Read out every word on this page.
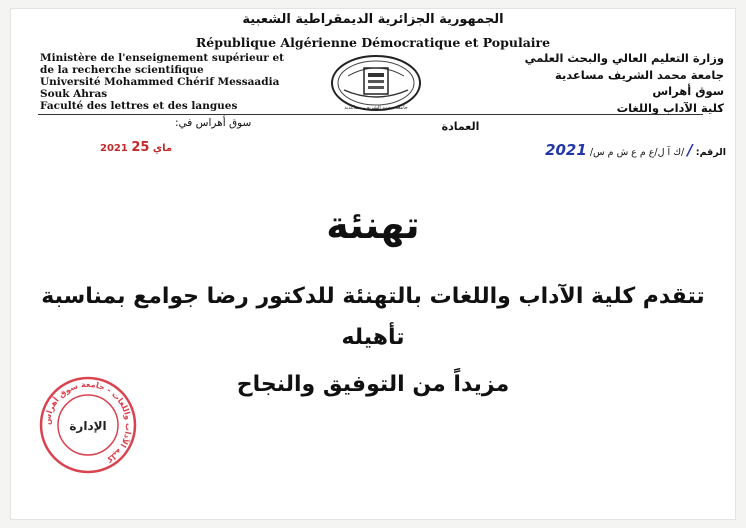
الجمهورية الجزائرية الديمقراطية الشعبية
République Algérienne Démocratique et Populaire
Ministère de l'enseignement supérieur et
de la recherche scientifique
Université Mohammed Chérif Messaadia
Souk Ahras
Faculté des lettres et des langues
وزارة التعليم العالي والبحث العلمي
جامعة محمد الشريف مساعدية
سوق أهراس
كلية الآداب واللغات
جامعة محمد الشريف مساعدية
العمادة
سوق أهراس في:
2021	ماي 25	2021 /ك آ ل/ع م ع ش م س/ / الرقم:
تهنئة
تتقدم كلية الآداب واللغات بالتهنئة للدكتور رضا جوامع بمناسبة
تأهيله
مزيداً من التوفيق والنجاح
كلية الآداب واللغات - جامعة سوق أهراس
الإدارة
